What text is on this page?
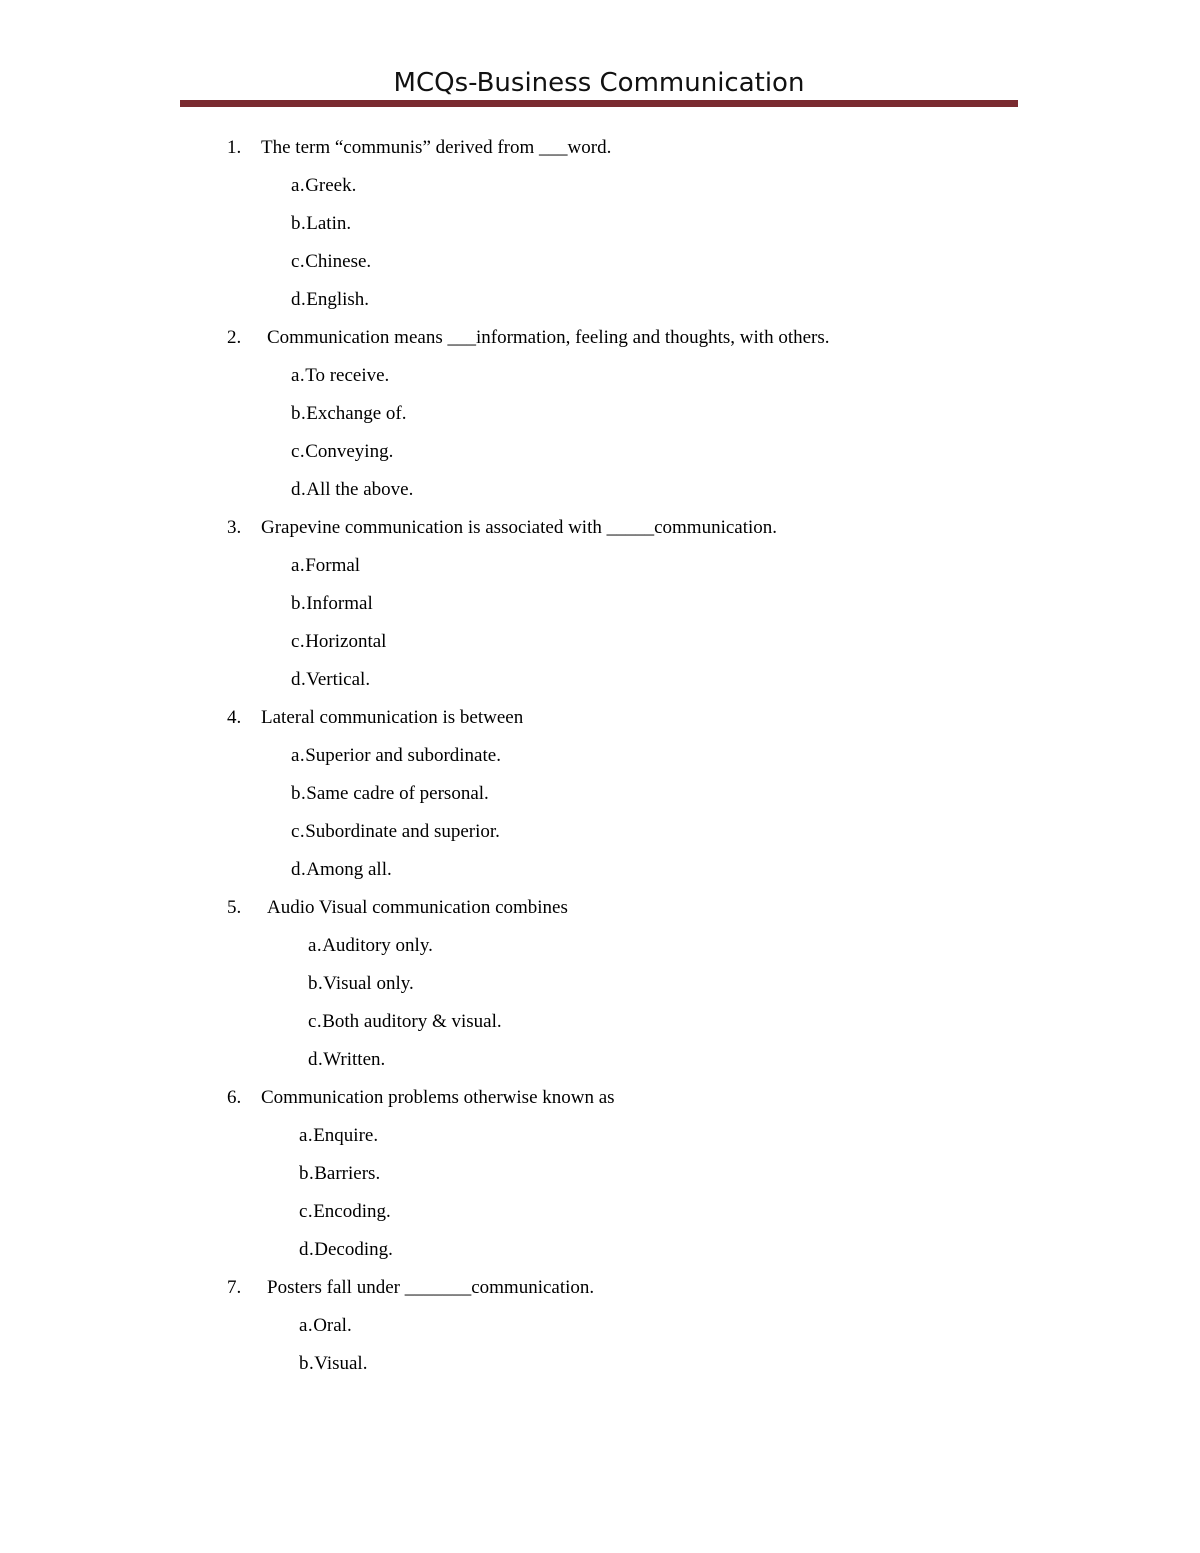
MCQs-Business Communication
1. The term “communis” derived from ___word.
a.Greek.
b.Latin.
c.Chinese.
d.English.
2. Communication means ___information, feeling and thoughts, with others.
a.To receive.
b.Exchange of.
c.Conveying.
d.All the above.
3. Grapevine communication is associated with _____communication.
a.Formal
b.Informal
c.Horizontal
d.Vertical.
4. Lateral communication is between
a.Superior and subordinate.
b.Same cadre of personal.
c.Subordinate and superior.
d.Among all.
5. Audio Visual communication combines
a.Auditory only.
b.Visual only.
c.Both auditory & visual.
d.Written.
6. Communication problems otherwise known as
a.Enquire.
b.Barriers.
c.Encoding.
d.Decoding.
7. Posters fall under _______communication.
a.Oral.
b.Visual.
